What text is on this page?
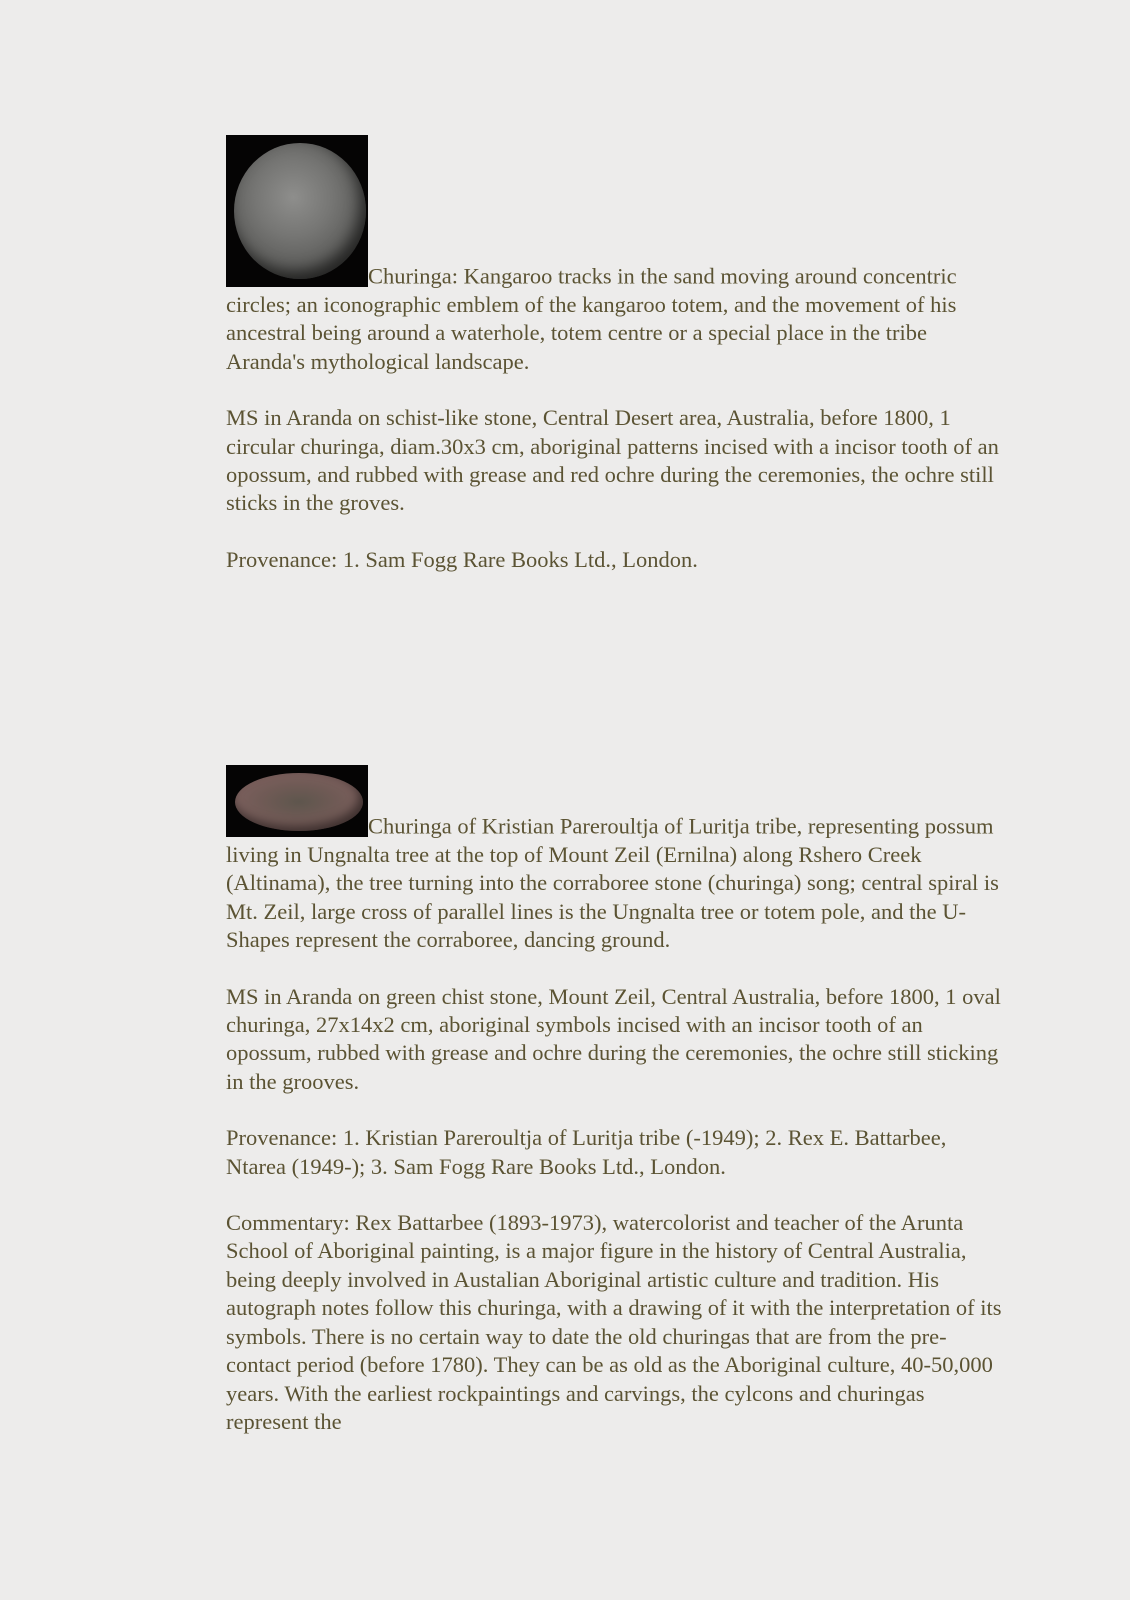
Churinga: Kangaroo tracks in the sand moving around concentric circles; an iconographic emblem of the kangaroo totem, and the movement of his ancestral being around a waterhole, totem centre or a special place in the tribe Aranda's mythological landscape.

MS in Aranda on schist-like stone, Central Desert area, Australia, before 1800, 1 circular churinga, diam.30x3 cm, aboriginal patterns incised with a incisor tooth of an opossum, and rubbed with grease and red ochre during the ceremonies, the ochre still sticks in the groves.

Provenance: 1. Sam Fogg Rare Books Ltd., London.

Churinga of Kristian Pareroultja of Luritja tribe, representing possum living in Ungnalta tree at the top of Mount Zeil (Ernilna) along Rshero Creek (Altinama), the tree turning into the corraboree stone (churinga) song; central spiral is Mt. Zeil, large cross of parallel lines is the Ungnalta tree or totem pole, and the U-Shapes represent the corraboree, dancing ground.

MS in Aranda on green chist stone, Mount Zeil, Central Australia, before 1800, 1 oval churinga, 27x14x2 cm, aboriginal symbols incised with an incisor tooth of an opossum, rubbed with grease and ochre during the ceremonies, the ochre still sticking in the grooves.

Provenance: 1. Kristian Pareroultja of Luritja tribe (-1949); 2. Rex E. Battarbee, Ntarea (1949-); 3. Sam Fogg Rare Books Ltd., London.

Commentary: Rex Battarbee (1893-1973), watercolorist and teacher of the Arunta School of Aboriginal painting, is a major figure in the history of Central Australia, being deeply involved in Austalian Aboriginal artistic culture and tradition. His autograph notes follow this churinga, with a drawing of it with the interpretation of its symbols. There is no certain way to date the old churingas that are from the pre-contact period (before 1780). They can be as old as the Aboriginal culture, 40-50,000 years. With the earliest rockpaintings and carvings, the cylcons and churingas represent the
